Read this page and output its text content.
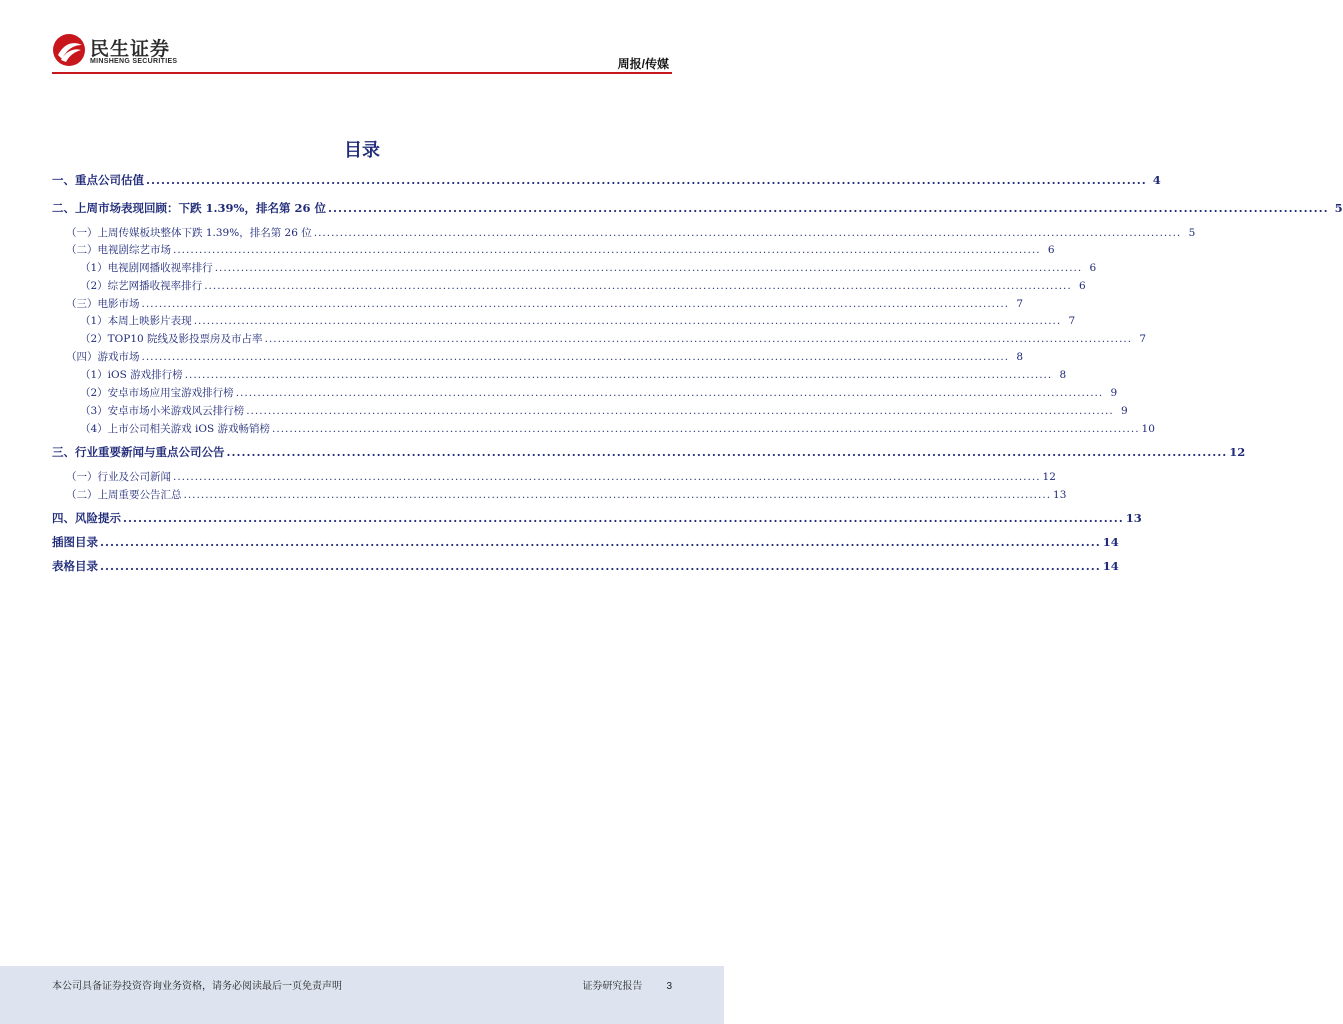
民生证券
MINSHENG SECURITIES	周报/传媒
目录
一、重点公司估值 ........................................................................................................................................................................................................ 4
二、上周市场表现回顾：下跌 1.39%，排名第 26 位 ........................................................................................................................................................................................................ 5
（一）上周传媒板块整体下跌 1.39%，排名第 26 位 ........................................................................................................................................................................................................ 5
（二）电视剧综艺市场 ........................................................................................................................................................................................................ 6
（1）电视剧网播收视率排行 ........................................................................................................................................................................................................ 6
（2）综艺网播收视率排行 ........................................................................................................................................................................................................ 6
（三）电影市场 ........................................................................................................................................................................................................ 7
（1）本周上映影片表现 ........................................................................................................................................................................................................ 7
（2）TOP10 院线及影投票房及市占率 ........................................................................................................................................................................................................ 7
（四）游戏市场 ........................................................................................................................................................................................................ 8
（1）iOS 游戏排行榜 ........................................................................................................................................................................................................ 8
（2）安卓市场应用宝游戏排行榜 ........................................................................................................................................................................................................ 9
（3）安卓市场小米游戏风云排行榜 ........................................................................................................................................................................................................ 9
（4）上市公司相关游戏 iOS 游戏畅销榜 ........................................................................................................................................................................................................ 10
三、行业重要新闻与重点公司公告 ........................................................................................................................................................................................................ 12
（一）行业及公司新闻 ........................................................................................................................................................................................................ 12
（二）上周重要公告汇总 ........................................................................................................................................................................................................ 13
四、风险提示 ........................................................................................................................................................................................................ 13
插图目录 ........................................................................................................................................................................................................ 14
表格目录 ........................................................................................................................................................................................................ 14
本公司具备证券投资咨询业务资格，请务必阅读最后一页免责声明	证券研究报告 3
